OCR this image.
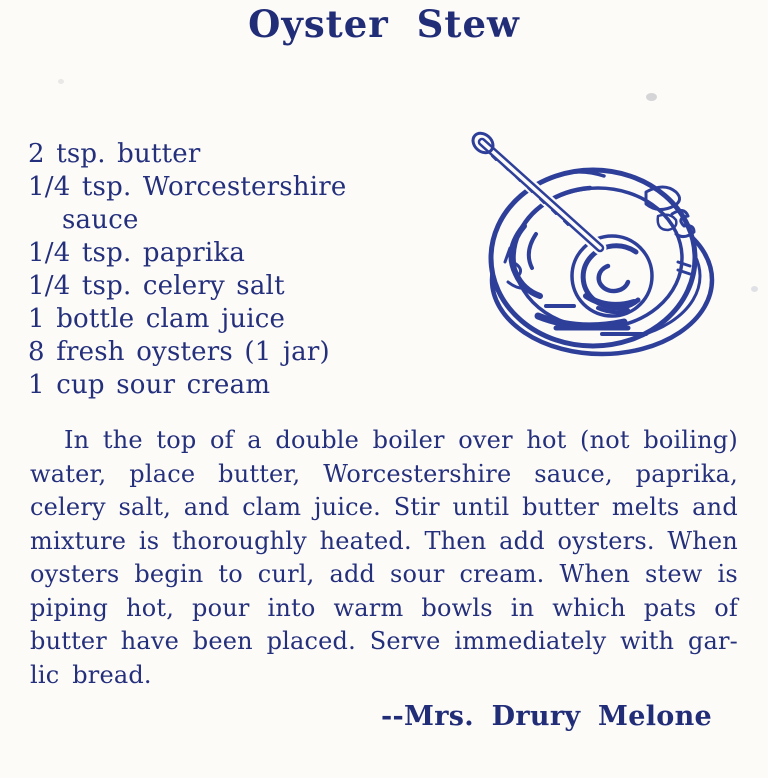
Oyster Stew
2 tsp. butter
1/4 tsp. Worcestershire
sauce
1/4 tsp. paprika
1/4 tsp. celery salt
1 bottle clam juice
8 fresh oysters (1 jar)
1 cup sour cream
In the top of a double boiler over hot (not boiling)
water, place butter, Worcestershire sauce, paprika,
celery salt, and clam juice. Stir until butter melts and
mixture is thoroughly heated. Then add oysters. When
oysters begin to curl, add sour cream. When stew is
piping hot, pour into warm bowls in which pats of
butter have been placed. Serve immediately with gar-
lic bread.
--Mrs. Drury Melone
